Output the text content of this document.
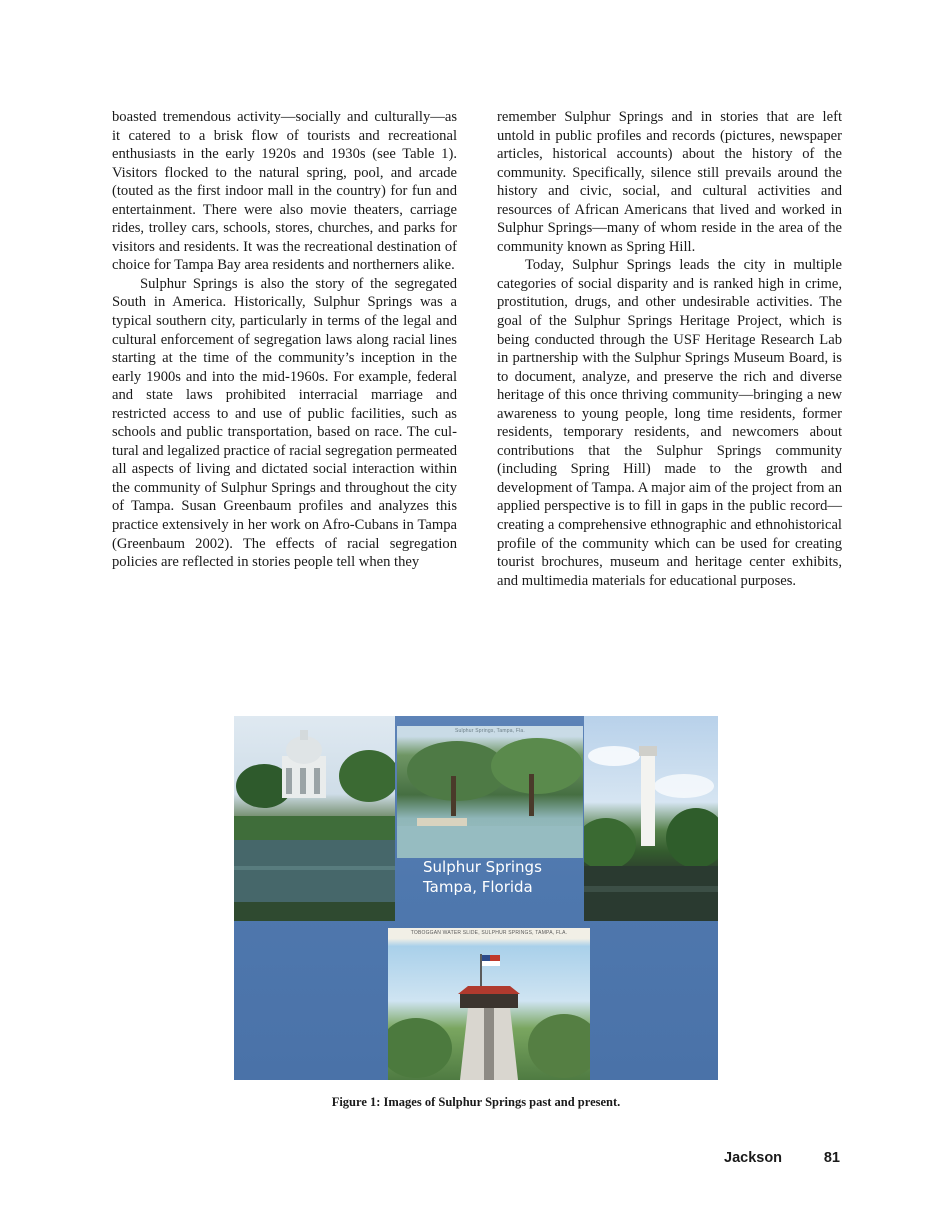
boasted tremendous activity—socially and culturally—as it catered to a brisk flow of tourists and recreational enthusiasts in the early 1920s and 1930s (see Table 1). Visitors flocked to the natural spring, pool, and arcade (touted as the first indoor mall in the country) for fun and entertainment. There were also movie theaters, carriage rides, trolley cars, schools, stores, churches, and parks for visitors and residents. It was the recreational destination of choice for Tampa Bay area residents and northerners alike.

Sulphur Springs is also the story of the segregated South in America. Historically, Sulphur Springs was a typical southern city, particularly in terms of the legal and cultural enforcement of segregation laws along racial lines starting at the time of the community’s inception in the early 1900s and into the mid-1960s. For example, federal and state laws prohibited interracial marriage and restricted access to and use of public facilities, such as schools and public transportation, based on race. The cultural and legalized practice of racial segregation permeated all aspects of living and dictated social interaction within the community of Sulphur Springs and throughout the city of Tampa. Susan Greenbaum profiles and analyzes this practice extensively in her work on Afro-Cubans in Tampa (Greenbaum 2002). The effects of racial segregation policies are reflected in stories people tell when they

remember Sulphur Springs and in stories that are left untold in public profiles and records (pictures, newspaper articles, historical accounts) about the history of the community. Specifically, silence still prevails around the history and civic, social, and cultural activities and resources of African Americans that lived and worked in Sulphur Springs—many of whom reside in the area of the community known as Spring Hill.

Today, Sulphur Springs leads the city in multiple categories of social disparity and is ranked high in crime, prostitution, drugs, and other undesirable activities. The goal of the Sulphur Springs Heritage Project, which is being conducted through the USF Heritage Research Lab in partnership with the Sulphur Springs Museum Board, is to document, analyze, and preserve the rich and diverse heritage of this once thriving community—bringing a new awareness to young people, long time residents, former residents, temporary residents, and newcomers about contributions that the Sulphur Springs community (including Spring Hill) made to the growth and development of Tampa. A major aim of the project from an applied perspective is to fill in gaps in the public record—creating a comprehensive ethnographic and ethnohistorical profile of the community which can be used for creating tourist brochures, museum and heritage center exhibits, and multimedia materials for educational purposes.

Sulphur Springs, Tampa, Fla.
Sulphur Springs
Tampa, Florida
TOBOGGAN WATER SLIDE, SULPHUR SPRINGS, TAMPA, FLA.
Figure 1: Images of Sulphur Springs past and present.
Jackson	81
